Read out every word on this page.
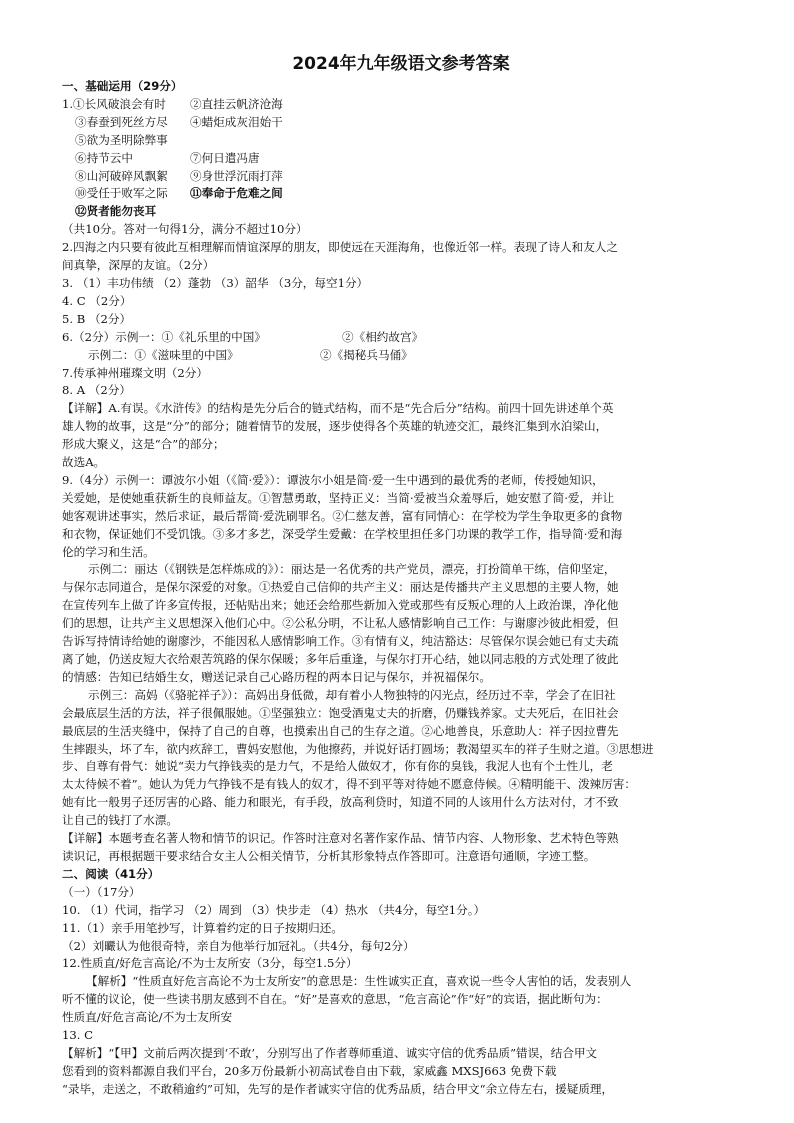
2024年九年级语文参考答案
一、基础运用（29分）
1.①长风破浪会有时 ②直挂云帆济沧海
③春蚕到死丝方尽 ④蜡炬成灰泪始干
⑤欲为圣明除弊事
⑥持节云中	⑦何日遣冯唐
⑧山河破碎风飘絮 ⑨身世浮沉雨打萍
⑩受任于败军之际 ⑪奉命于危难之间
⑫贤者能勿丧耳
（共10分。答对一句得1分，满分不超过10分）
2.四海之内只要有彼此互相理解而情谊深厚的朋友，即使远在天涯海角，也像近邻一样。表现了诗人和友人之
间真挚，深厚的友谊。（2分）
3. （1）丰功伟绩 （2）蓬勃 （3）韶华 （3分，每空1分）
4. C （2分）
5. B （2分）
6.（2分）示例一：①《礼乐里的中国》	②《相约故宫》
示例二：①《滋味里的中国》	②《揭秘兵马俑》
7.传承神州璀璨文明（2分）
8. A （2分）
【详解】A.有误。《水浒传》的结构是先分后合的链式结构，而不是“先合后分”结构。前四十回先讲述单个英
雄人物的故事，这是“分”的部分；随着情节的发展，逐步使得各个英雄的轨迹交汇，最终汇集到水泊梁山，
形成大聚义，这是“合”的部分；
故选A。
9.（4分）示例一：谭波尔小姐（《简·爱》）：谭波尔小姐是简·爱一生中遇到的最优秀的老师，传授她知识，
关爱她，是使她重获新生的良师益友。①智慧勇敢，坚持正义：当简·爱被当众羞辱后，她安慰了简·爱，并让
她客观讲述事实，然后求证，最后帮简·爱洗刷罪名。②仁慈友善，富有同情心：在学校为学生争取更多的食物
和衣物，保证她们不受饥饿。③多才多艺，深受学生爱戴：在学校里担任多门功课的教学工作，指导简·爱和海
伦的学习和生活。
示例二：丽达（《钢铁是怎样炼成的》）：丽达是一名优秀的共产党员，漂亮，打扮简单干练，信仰坚定，
与保尔志同道合，是保尔深爱的对象。①热爱自己信仰的共产主义：丽达是传播共产主义思想的主要人物，她
在宣传列车上做了许多宣传报，还帖贴出来；她还会给那些新加入党或那些有反叛心理的人上政治课，净化他
们的思想，让共产主义思想深入他们心中。②公私分明，不让私人感情影响自己工作：与谢廖沙彼此相爱，但
告诉写持情诗给她的谢廖沙，不能因私人感情影响工作。③有情有义，纯洁豁达：尽管保尔误会她已有丈夫疏
离了她，仍送皮短大衣给艰苦筑路的保尔保暖；多年后重逢，与保尔打开心结，她以同志般的方式处理了彼此
的情感：告知已结婚生女，赠送记录自己心路历程的两本日记与保尔，并祝福保尔。
示例三：高妈（《骆驼祥子》）：高妈出身低微，却有着小人物独特的闪光点，经历过不幸，学会了在旧社
会最底层生活的方法，祥子很佩服她。①坚强独立：饱受酒鬼丈夫的折磨，仍赚钱养家。丈夫死后，在旧社会
最底层的生活夹缝中，保持了自己的自尊，也摸索出自己的生存之道。②心地善良，乐意助人：祥子因拉曹先
生摔跟头，坏了车，欲内疚辞工，曹妈安慰他，为他擦药，并说好话打圆场；教渴望买车的祥子生财之道。③思想进
步、自尊有骨气：她说“卖力气挣钱卖的是力气，不是给人做奴才，你有你的臭钱，我泥人也有个土性儿，老
太太待候不着”。她认为凭力气挣钱不是有钱人的奴才，得不到平等对待她不愿意侍候。④精明能干、泼辣厉害：
她有比一般男子还厉害的心路、能力和眼光，有手段，放高利贷时，知道不同的人该用什么方法对付，才不致
让自己的钱打了水漂。
【详解】本题考查名著人物和情节的识记。作答时注意对名著作家作品、情节内容、人物形象、艺术特色等熟
读识记，再根据题干要求结合女主人公相关情节，分析其形象特点作答即可。注意语句通顺，字迹工整。
二、阅读（41分）
（一）（17分）
10. （1）代词，指学习 （2）周到 （3）快步走 （4）热水 （共4分，每空1分。）
11.（1）亲手用笔抄写，计算着约定的日子按期归还。
（2）刘曮认为他很奇特，亲自为他举行加冠礼。（共4分，每句2分）
12.性质直/好危言高论/不为士友所安（3分，每空1.5分）
【解析】“性质直好危言高论不为士友所安”的意思是：生性诚实正直，喜欢说一些令人害怕的话，发表别人
听不懂的议论，使一些读书朋友感到不自在。“好”是喜欢的意思，“危言高论”作“好”的宾语，据此断句为：
性质直/好危言高论/不为士友所安
13. C
【解析】“【甲】文前后两次提到‘不敢’，分别写出了作者尊师重道、诚实守信的优秀品质”错误，结合甲文
您看到的资料都源自我们平台，20多万份最新小初高试卷自由下载，家威鑫 MXSJ663 免费下载
“录毕，走送之，不敢稍逾约”可知，先写的是作者诚实守信的优秀品质，结合甲文“余立侍左右，援疑质理，
